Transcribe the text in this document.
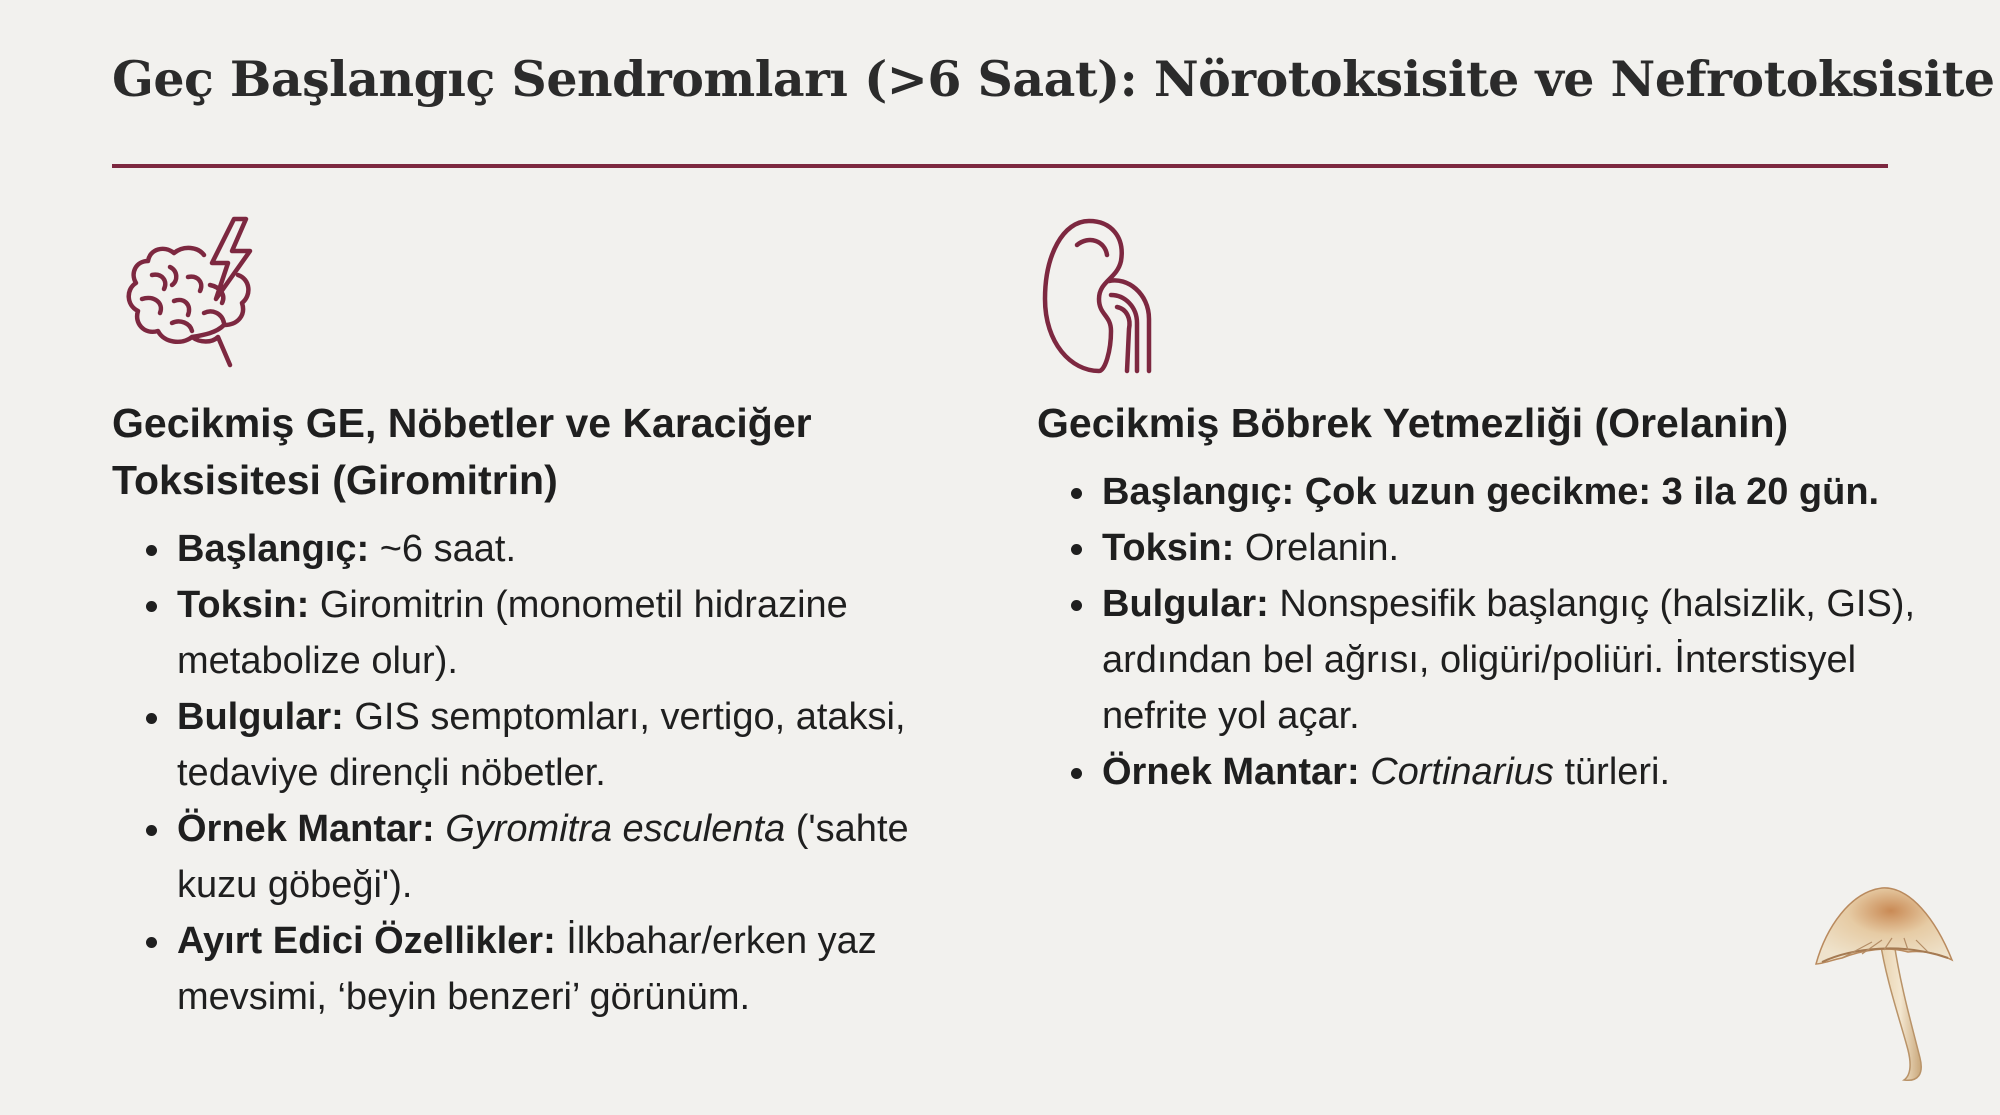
Geç Başlangıç Sendromları (>6 Saat): Nörotoksisite ve Nefrotoksisite
Gecikmiş GE, Nöbetler ve Karaciğer Toksisitesi (Giromitrin)
Başlangıç: ~6 saat.
Toksin: Giromitrin (monometil hidrazine metabolize olur).
Bulgular: GIS semptomları, vertigo, ataksi, tedaviye dirençli nöbetler.
Örnek Mantar: Gyromitra esculenta ('sahte kuzu göbeği').
Ayırt Edici Özellikler: İlkbahar/erken yaz mevsimi, ‘beyin benzeri’ görünüm.
Gecikmiş Böbrek Yetmezliği (Orelanin)
Başlangıç: Çok uzun gecikme: 3 ila 20 gün.
Toksin: Orelanin.
Bulgular: Nonspesifik başlangıç (halsizlik, GIS), ardından bel ağrısı, oligüri/poliüri. İnterstisyel nefrite yol açar.
Örnek Mantar: Cortinarius türleri.
